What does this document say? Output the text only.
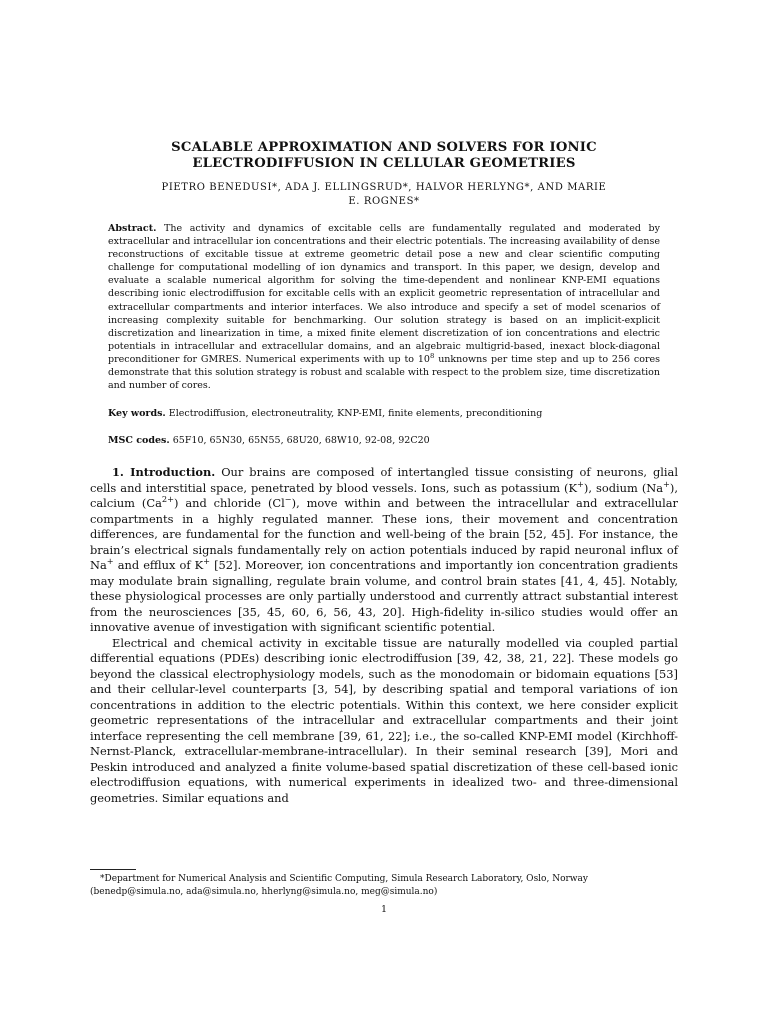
SCALABLE APPROXIMATION AND SOLVERS FOR IONIC
ELECTRODIFFUSION IN CELLULAR GEOMETRIES
PIETRO BENEDUSI*, ADA J. ELLINGSRUD*, HALVOR HERLYNG*, AND MARIE
E. ROGNES*
Abstract. The activity and dynamics of excitable cells are fundamentally regulated and moderated by extracellular and intracellular ion concentrations and their electric potentials. The increasing availability of dense reconstructions of excitable tissue at extreme geometric detail pose a new and clear scientific computing challenge for computational modelling of ion dynamics and transport. In this paper, we design, develop and evaluate a scalable numerical algorithm for solving the time-dependent and nonlinear KNP-EMI equations describing ionic electrodiffusion for excitable cells with an explicit geometric representation of intracellular and extracellular compartments and interior interfaces. We also introduce and specify a set of model scenarios of increasing complexity suitable for benchmarking. Our solution strategy is based on an implicit-explicit discretization and linearization in time, a mixed finite element discretization of ion concentrations and electric potentials in intracellular and extracellular domains, and an algebraic multigrid-based, inexact block-diagonal preconditioner for GMRES. Numerical experiments with up to $10^8$ unknowns per time step and up to 256 cores demonstrate that this solution strategy is robust and scalable with respect to the problem size, time discretization and number of cores.
Key words. Electrodiffusion, electroneutrality, KNP-EMI, finite elements, preconditioning
MSC codes. 65F10, 65N30, 65N55, 68U20, 68W10, 92-08, 92C20

1. Introduction. Our brains are composed of intertangled tissue consisting of neurons, glial cells and interstitial space, penetrated by blood vessels. Ions, such as potassium (K+), sodium (Na+), calcium $(Ca^{2+})$ and chloride (Cl−), move within and between the intracellular and extracellular compartments in a highly regulated manner. These ions, their movement and concentration differences, are fundamental for the function and well-being of the brain [52, 45]. For instance, the brain’s electrical signals fundamentally rely on action potentials induced by rapid neuronal influx of Na+ and efflux of K+ [52]. Moreover, ion concentrations and importantly ion concentration gradients may modulate brain signalling, regulate brain volume, and control brain states [41, 4, 45]. Notably, these physiological processes are only partially understood and currently attract substantial interest from the neurosciences [35, 45, 60, 6, 56, 43, 20]. High-fidelity in-silico studies would offer an innovative avenue of investigation with significant scientific potential.

Electrical and chemical activity in excitable tissue are naturally modelled via coupled partial differential equations (PDEs) describing ionic electrodiffusion [39, 42, 38, 21, 22]. These models go beyond the classical electrophysiology models, such as the monodomain or bidomain equations [53] and their cellular-level counterparts [3, 54], by describing spatial and temporal variations of ion concentrations in addition to the electric potentials. Within this context, we here consider explicit geometric representations of the intracellular and extracellular compartments and their joint interface representing the cell membrane [39, 61, 22]; i.e., the so-called KNP-EMI model (Kirchhoff-Nernst-Planck, extracellular-membrane-intracellular). In their seminal research [39], Mori and Peskin introduced and analyzed a finite volume-based spatial discretization of these cell-based ionic electrodiffusion equations, with numerical experiments in idealized two- and three-dimensional geometries. Similar equations and

*Department for Numerical Analysis and Scientific Computing, Simula Research Laboratory, Oslo, Norway (benedp@simula.no, ada@simula.no, hherlyng@simula.no, meg@simula.no)
1
